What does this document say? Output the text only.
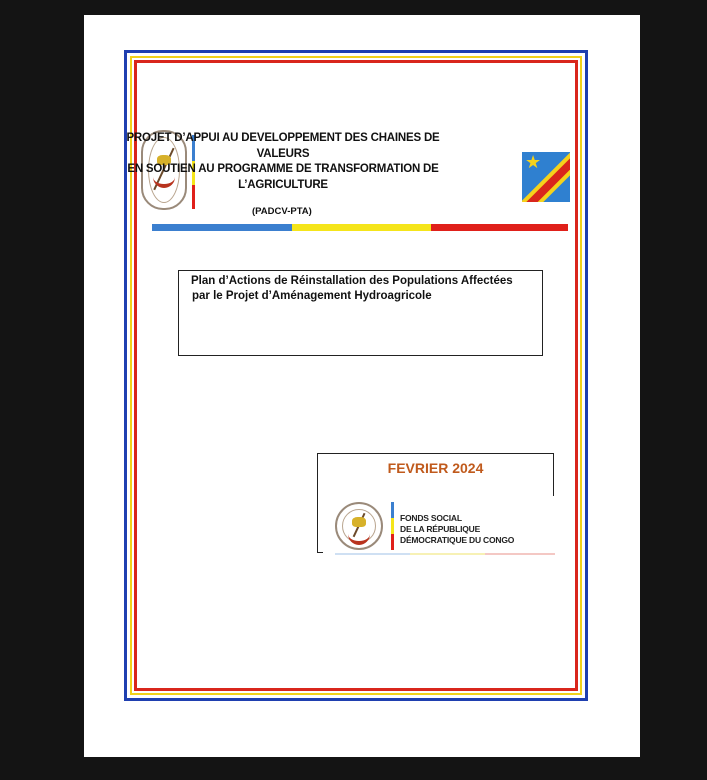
PROJET D’APPUI AU DEVELOPPEMENT DES CHAINES DE VALEURS
EN SOUTIEN AU PROGRAMME DE TRANSFORMATION DE
L’AGRICULTURE
(PADCV-PTA)
★
Plan d’Actions de Réinstallation des Populations Affectées
par le Projet d’Aménagement Hydroagricole
FEVRIER 2024
FONDS SOCIAL
DE LA RÉPUBLIQUE
DÉMOCRATIQUE DU CONGO
